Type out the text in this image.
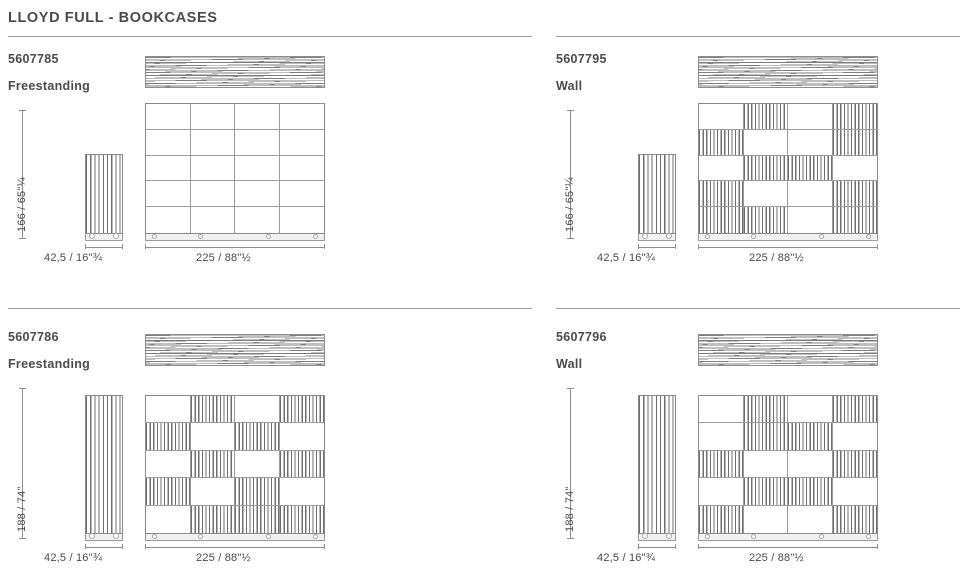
LLOYD FULL - BOOKCASES
5607785
Freestanding
166 / 65"¼
42,5 / 16"¾	225 / 88"½
5607795
Wall
166 / 65"¼
42,5 / 16"¾	225 / 88"½
5607786
Freestanding
188 / 74"
42,5 / 16"¾	225 / 88"½
5607796
Wall
188 / 74"
42,5 / 16"¾	225 / 88"½
